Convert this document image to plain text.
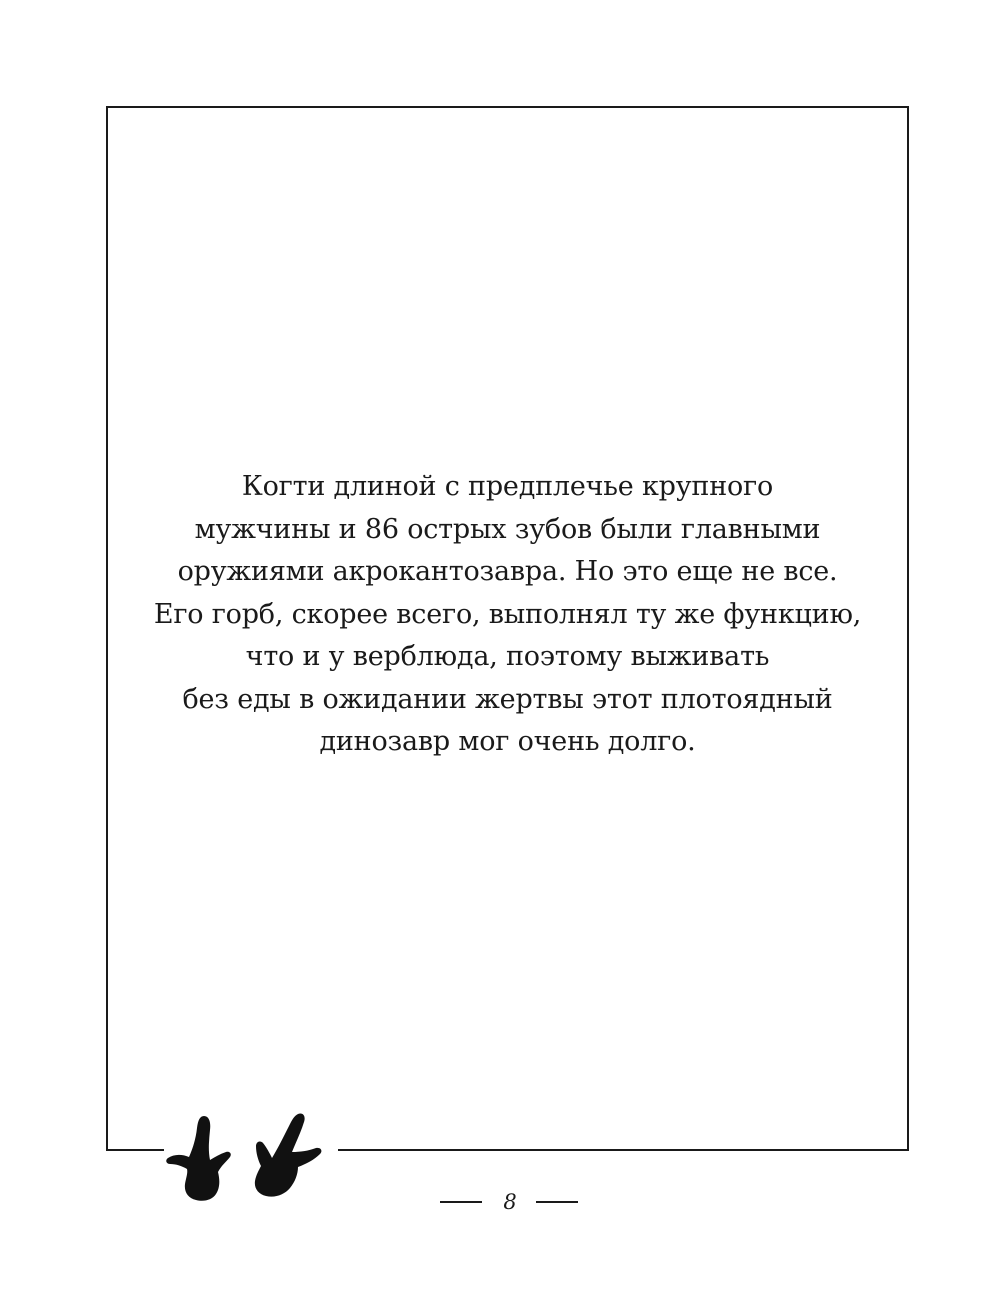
Когти длиной с предплечье крупного
мужчины и 86 острых зубов были главными
оружиями акрокантозавра. Но это еще не все.
Его горб, скорее всего, выполнял ту же функцию,
что и у верблюда, поэтому выживать
без еды в ожидании жертвы этот плотоядный
динозавр мог очень долго.
8
